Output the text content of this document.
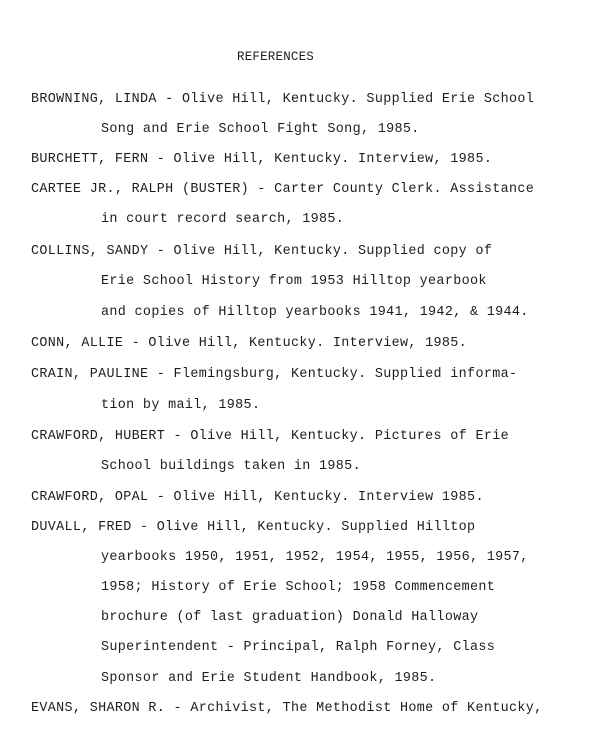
REFERENCES
BROWNING, LINDA - Olive Hill, Kentucky. Supplied Erie School
Song and Erie School Fight Song, 1985.
BURCHETT, FERN - Olive Hill, Kentucky. Interview, 1985.
CARTEE JR., RALPH (BUSTER) - Carter County Clerk. Assistance
in court record search, 1985.
COLLINS, SANDY - Olive Hill, Kentucky. Supplied copy of
Erie School History from 1953 Hilltop yearbook
and copies of Hilltop yearbooks 1941, 1942, & 1944.
CONN, ALLIE - Olive Hill, Kentucky. Interview, 1985.
CRAIN, PAULINE - Flemingsburg, Kentucky. Supplied informa-
tion by mail, 1985.
CRAWFORD, HUBERT - Olive Hill, Kentucky. Pictures of Erie
School buildings taken in 1985.
CRAWFORD, OPAL - Olive Hill, Kentucky. Interview 1985.
DUVALL, FRED - Olive Hill, Kentucky. Supplied Hilltop
yearbooks 1950, 1951, 1952, 1954, 1955, 1956, 1957,
1958; History of Erie School; 1958 Commencement
brochure (of last graduation) Donald Halloway
Superintendent - Principal, Ralph Forney, Class
Sponsor and Erie Student Handbook, 1985.
EVANS, SHARON R. - Archivist, The Methodist Home of Kentucky,
